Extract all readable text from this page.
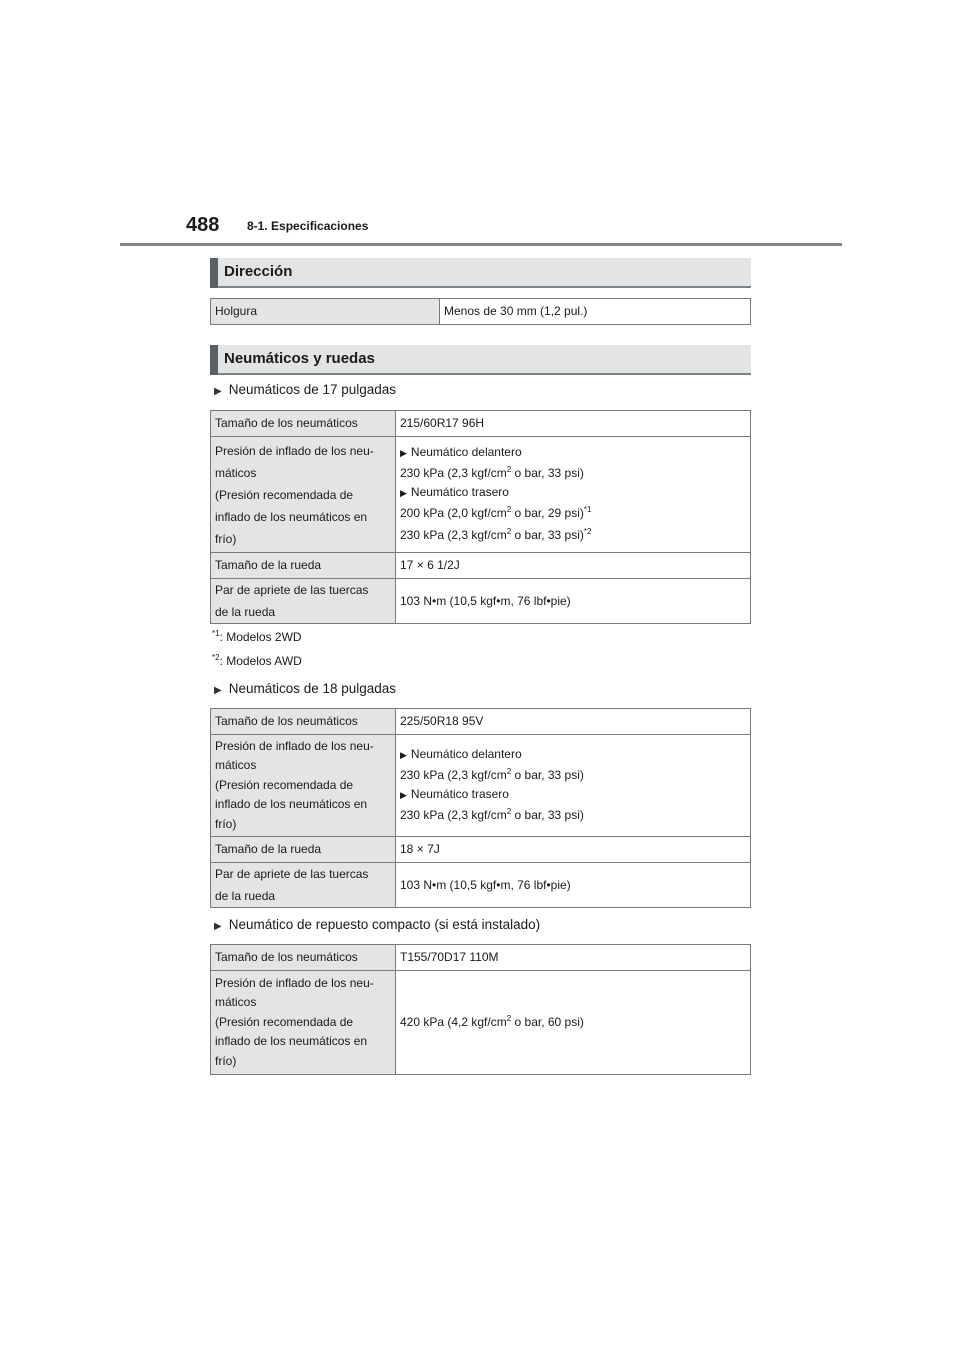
488 8-1. Especificaciones
Dirección
Holgura	Menos de 30 mm (1,2 pul.)
Neumáticos y ruedas
▶ Neumáticos de 17 pulgadas
Tamaño de los neumáticos	215/60R17 96H

Presión de inflado de los neu-
máticos
(Presión recomendada de
inflado de los neumáticos en
frío)	▶ Neumático delantero
230 kPa (2,3 kgf/$cm^2$ o bar, 33 psi)
▶ Neumático trasero
200 kPa (2,0 kgf/$cm^2$ o bar, 29 psi)$^{*1}$
230 kPa (2,3 kgf/$cm^2$ o bar, 33 psi)$^{*2}$

Tamaño de la rueda	17 × 6 1/2J

Par de apriete de las tuercas
de la rueda	103 N•m (10,5 kgf•m, 76 lbf•pie)
$^{*1}$: Modelos 2WD
$^{*2}$: Modelos AWD
▶ Neumáticos de 18 pulgadas
Tamaño de los neumáticos	225/50R18 95V

Presión de inflado de los neu-
máticos
(Presión recomendada de
inflado de los neumáticos en
frío)	▶ Neumático delantero
230 kPa (2,3 kgf/$cm^2$ o bar, 33 psi)
▶ Neumático trasero
230 kPa (2,3 kgf/$cm^2$ o bar, 33 psi)

Tamaño de la rueda	18 × 7J

Par de apriete de las tuercas
de la rueda	103 N•m (10,5 kgf•m, 76 lbf•pie)
▶ Neumático de repuesto compacto (si está instalado)
Tamaño de los neumáticos	T155/70D17 110M

Presión de inflado de los neu-
máticos
(Presión recomendada de
inflado de los neumáticos en
frío)	420 kPa (4,2 kgf/$cm^2$ o bar, 60 psi)
